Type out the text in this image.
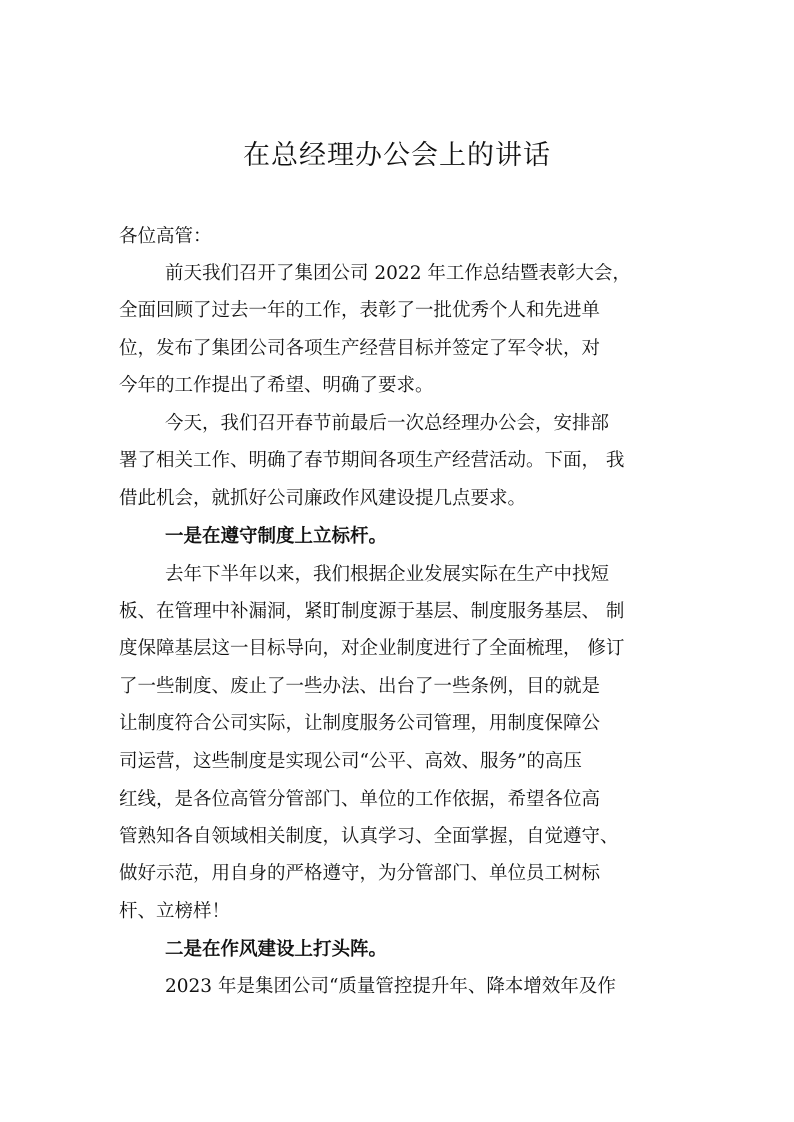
在总经理办公会上的讲话
各位高管：
前天我们召开了集团公司 2022 年工作总结暨表彰大会，
全面回顾了过去一年的工作，表彰了一批优秀个人和先进单
位，发布了集团公司各项生产经营目标并签定了军令状，对
今年的工作提出了希望、明确了要求。
今天，我们召开春节前最后一次总经理办公会，安排部
署了相关工作、明确了春节期间各项生产经营活动。下面， 我
借此机会，就抓好公司廉政作风建设提几点要求。
一是在遵守制度上立标杆。
去年下半年以来，我们根据企业发展实际在生产中找短
板、在管理中补漏洞，紧盯制度源于基层、制度服务基层、 制
度保障基层这一目标导向，对企业制度进行了全面梳理， 修订
了一些制度、废止了一些办法、出台了一些条例，目的就是
让制度符合公司实际，让制度服务公司管理，用制度保障公
司运营，这些制度是实现公司“公平、高效、服务”的高压
红线，是各位高管分管部门、单位的工作依据，希望各位高
管熟知各自领域相关制度，认真学习、全面掌握，自觉遵守、
做好示范，用自身的严格遵守，为分管部门、单位员工树标
杆、立榜样！
二是在作风建设上打头阵。
2023 年是集团公司“质量管控提升年、降本增效年及作
